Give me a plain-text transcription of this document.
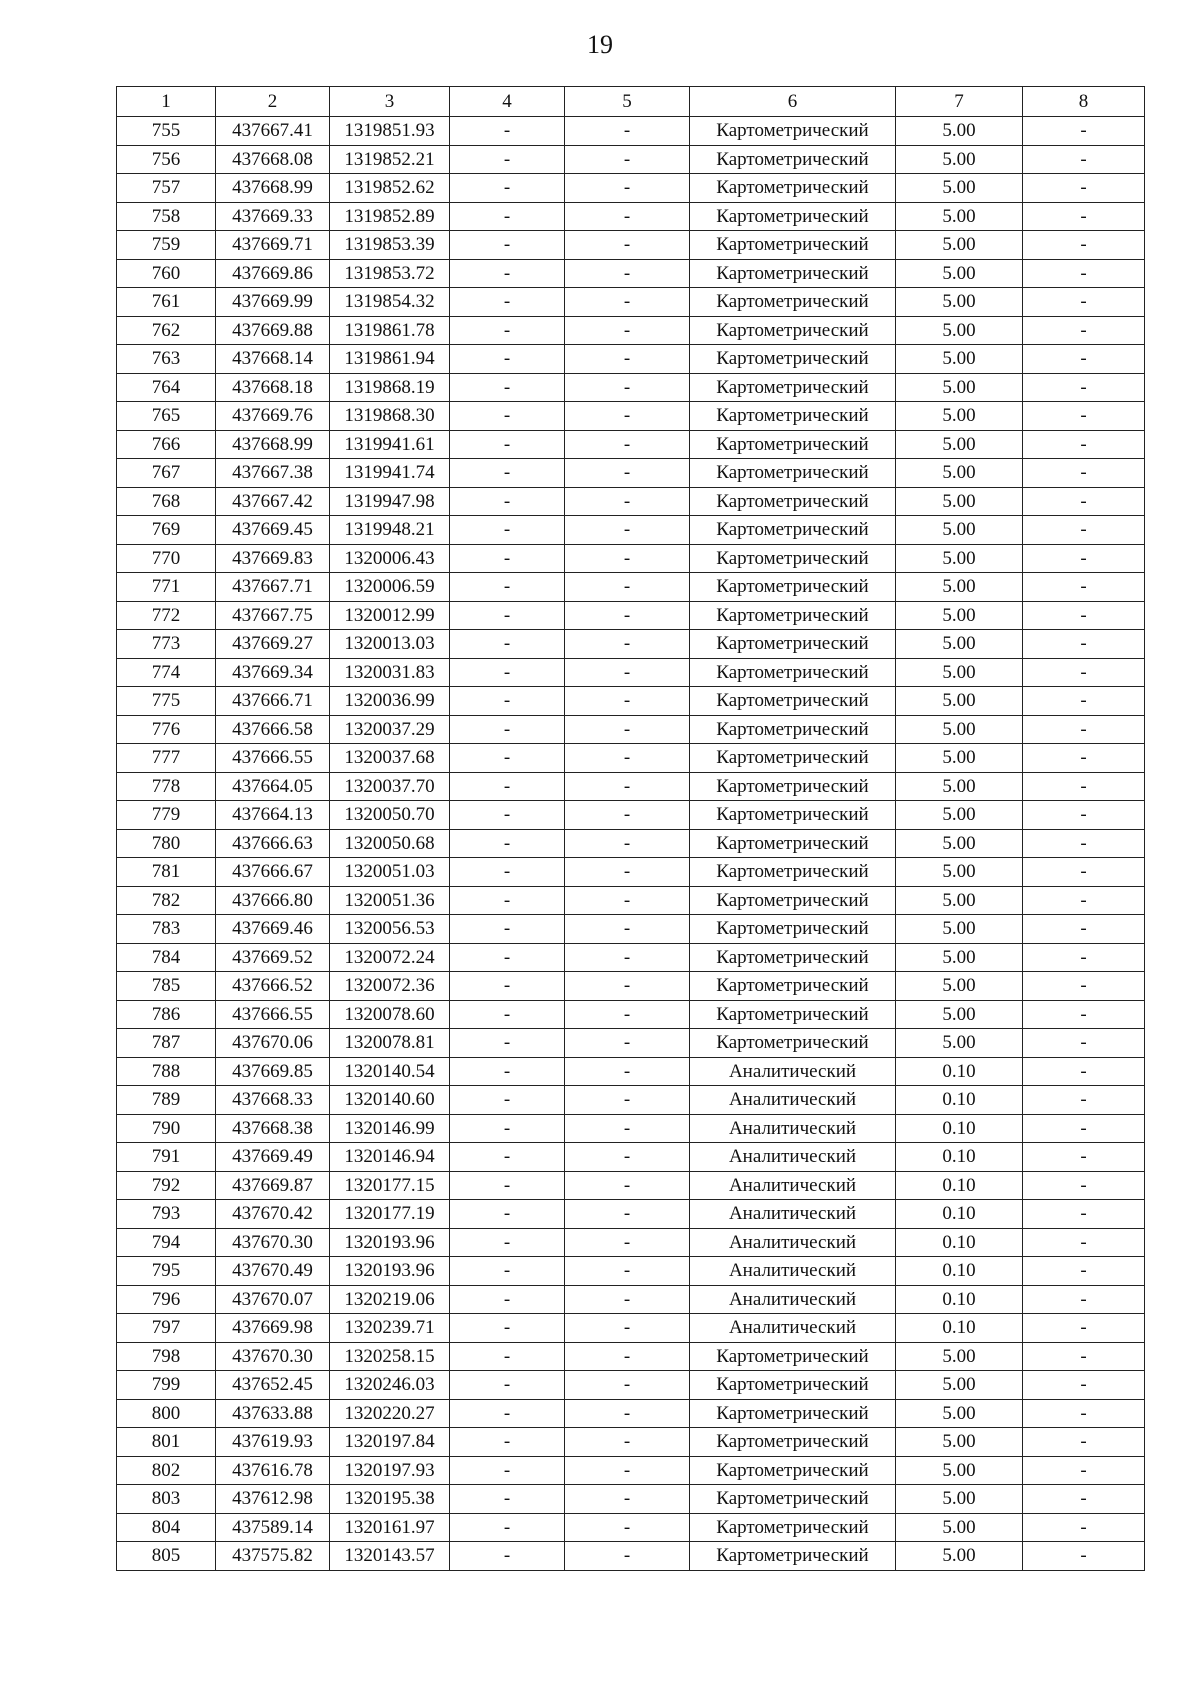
19
1	2	3	4	5	6	7	8
755	437667.41	1319851.93	-	-	Картометрический	5.00	-
756	437668.08	1319852.21	-	-	Картометрический	5.00	-
757	437668.99	1319852.62	-	-	Картометрический	5.00	-
758	437669.33	1319852.89	-	-	Картометрический	5.00	-
759	437669.71	1319853.39	-	-	Картометрический	5.00	-
760	437669.86	1319853.72	-	-	Картометрический	5.00	-
761	437669.99	1319854.32	-	-	Картометрический	5.00	-
762	437669.88	1319861.78	-	-	Картометрический	5.00	-
763	437668.14	1319861.94	-	-	Картометрический	5.00	-
764	437668.18	1319868.19	-	-	Картометрический	5.00	-
765	437669.76	1319868.30	-	-	Картометрический	5.00	-
766	437668.99	1319941.61	-	-	Картометрический	5.00	-
767	437667.38	1319941.74	-	-	Картометрический	5.00	-
768	437667.42	1319947.98	-	-	Картометрический	5.00	-
769	437669.45	1319948.21	-	-	Картометрический	5.00	-
770	437669.83	1320006.43	-	-	Картометрический	5.00	-
771	437667.71	1320006.59	-	-	Картометрический	5.00	-
772	437667.75	1320012.99	-	-	Картометрический	5.00	-
773	437669.27	1320013.03	-	-	Картометрический	5.00	-
774	437669.34	1320031.83	-	-	Картометрический	5.00	-
775	437666.71	1320036.99	-	-	Картометрический	5.00	-
776	437666.58	1320037.29	-	-	Картометрический	5.00	-
777	437666.55	1320037.68	-	-	Картометрический	5.00	-
778	437664.05	1320037.70	-	-	Картометрический	5.00	-
779	437664.13	1320050.70	-	-	Картометрический	5.00	-
780	437666.63	1320050.68	-	-	Картометрический	5.00	-
781	437666.67	1320051.03	-	-	Картометрический	5.00	-
782	437666.80	1320051.36	-	-	Картометрический	5.00	-
783	437669.46	1320056.53	-	-	Картометрический	5.00	-
784	437669.52	1320072.24	-	-	Картометрический	5.00	-
785	437666.52	1320072.36	-	-	Картометрический	5.00	-
786	437666.55	1320078.60	-	-	Картометрический	5.00	-
787	437670.06	1320078.81	-	-	Картометрический	5.00	-
788	437669.85	1320140.54	-	-	Аналитический	0.10	-
789	437668.33	1320140.60	-	-	Аналитический	0.10	-
790	437668.38	1320146.99	-	-	Аналитический	0.10	-
791	437669.49	1320146.94	-	-	Аналитический	0.10	-
792	437669.87	1320177.15	-	-	Аналитический	0.10	-
793	437670.42	1320177.19	-	-	Аналитический	0.10	-
794	437670.30	1320193.96	-	-	Аналитический	0.10	-
795	437670.49	1320193.96	-	-	Аналитический	0.10	-
796	437670.07	1320219.06	-	-	Аналитический	0.10	-
797	437669.98	1320239.71	-	-	Аналитический	0.10	-
798	437670.30	1320258.15	-	-	Картометрический	5.00	-
799	437652.45	1320246.03	-	-	Картометрический	5.00	-
800	437633.88	1320220.27	-	-	Картометрический	5.00	-
801	437619.93	1320197.84	-	-	Картометрический	5.00	-
802	437616.78	1320197.93	-	-	Картометрический	5.00	-
803	437612.98	1320195.38	-	-	Картометрический	5.00	-
804	437589.14	1320161.97	-	-	Картометрический	5.00	-
805	437575.82	1320143.57	-	-	Картометрический	5.00	-
